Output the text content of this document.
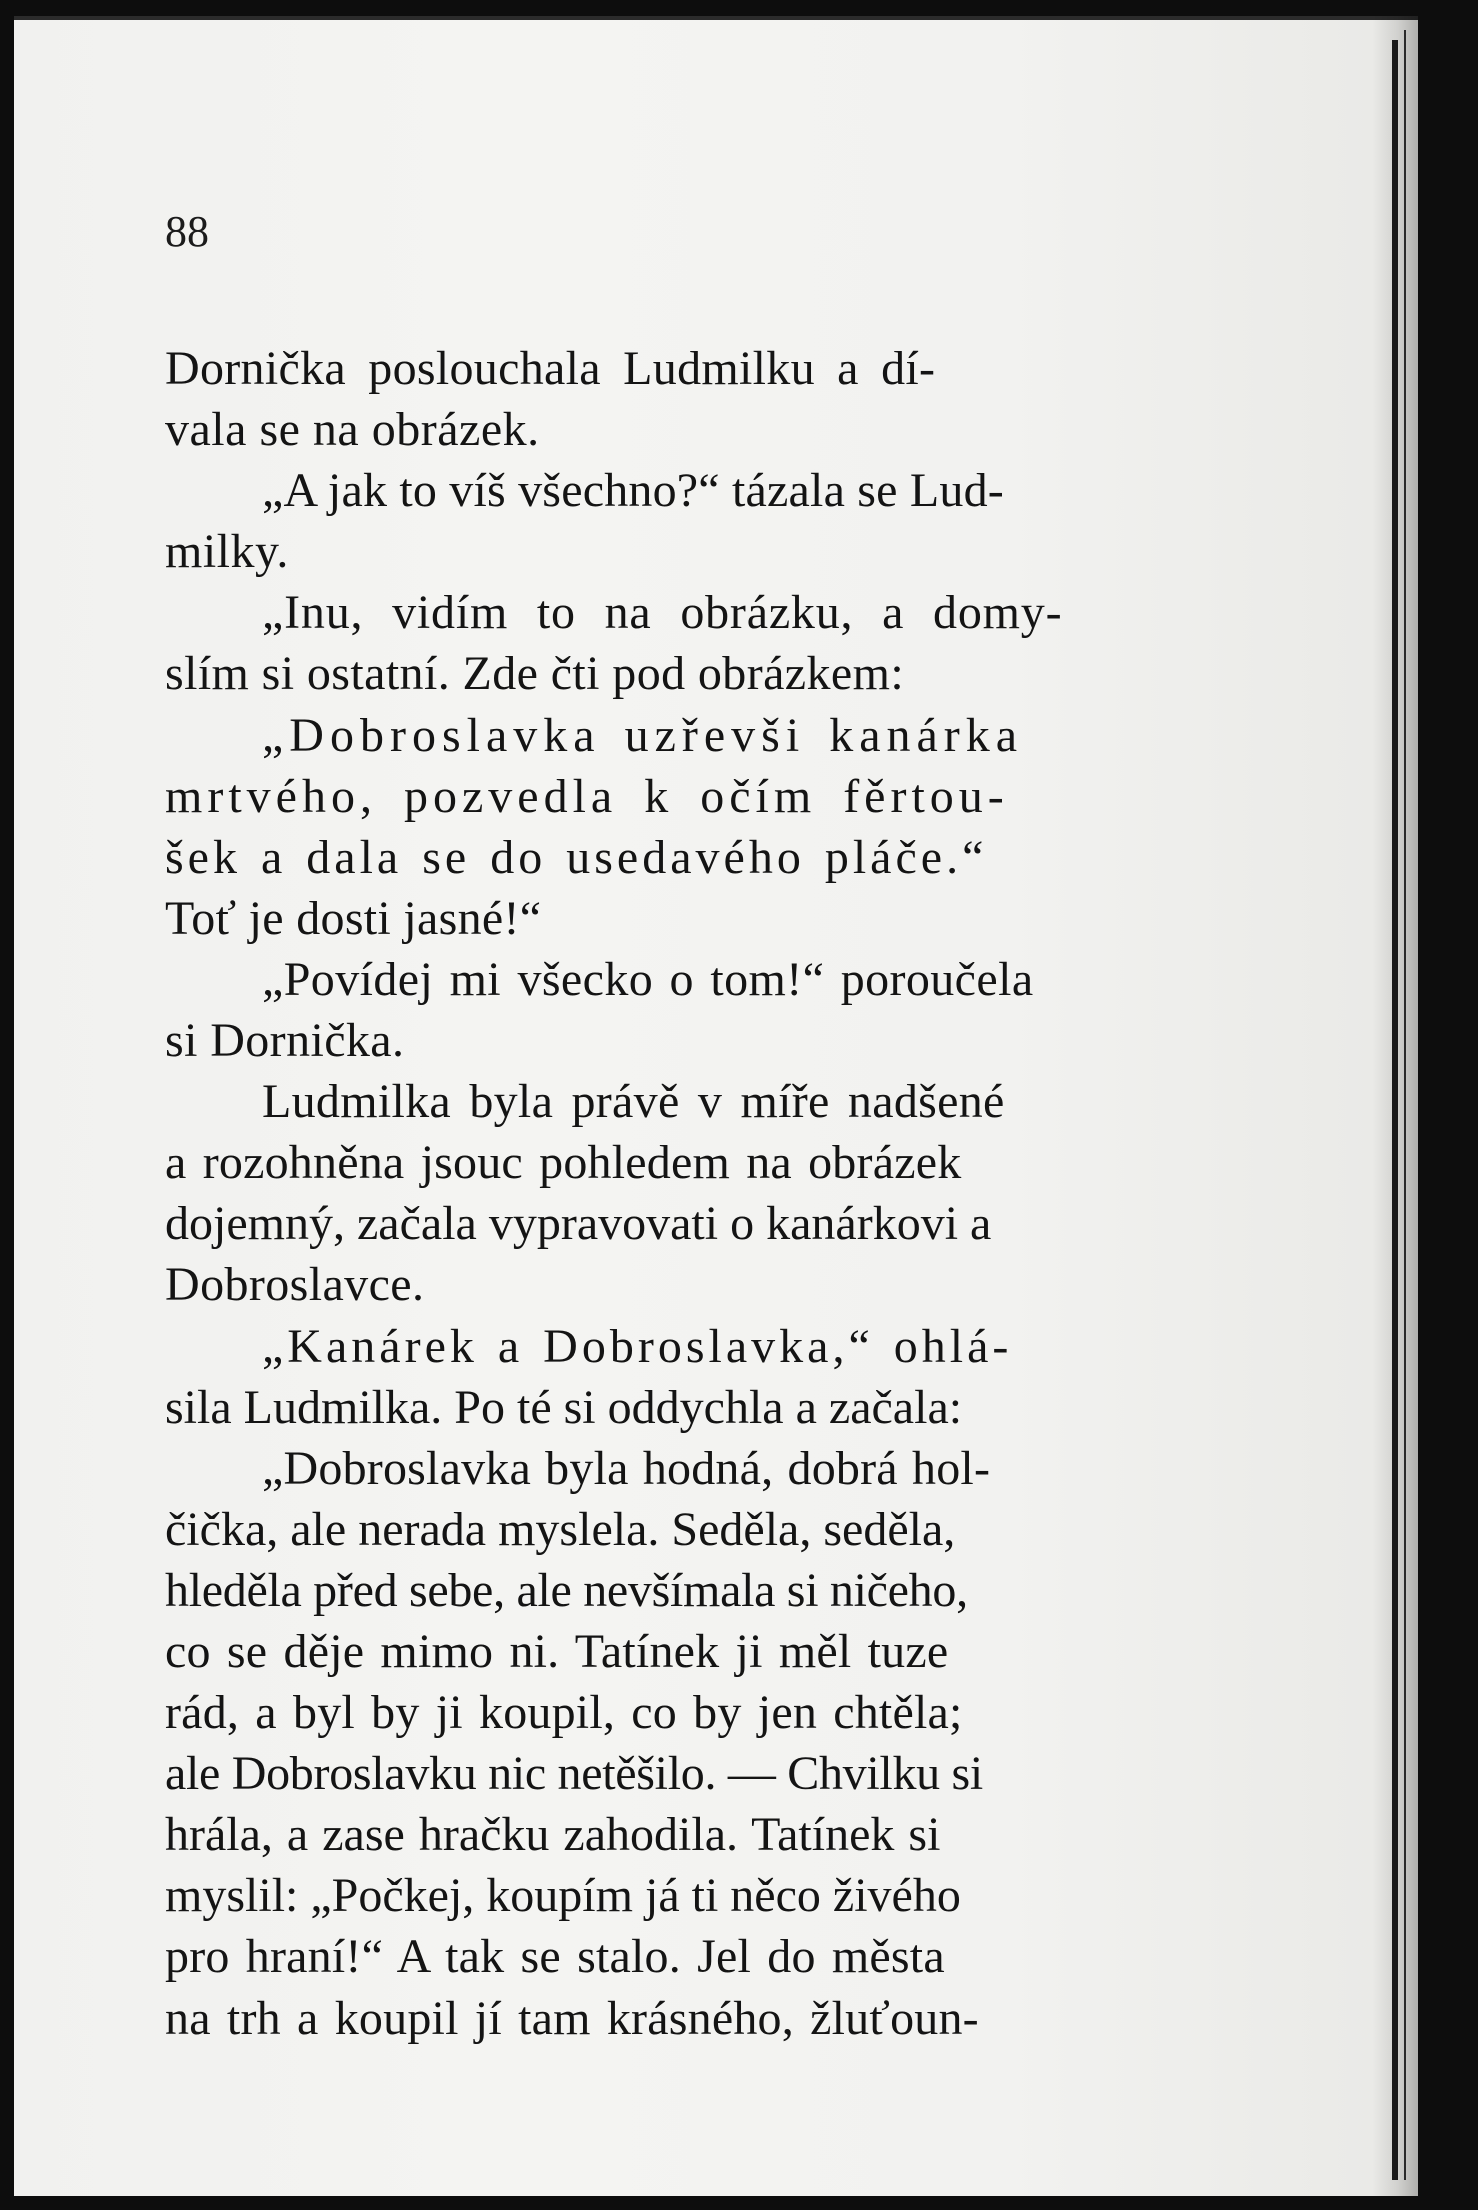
88
Dornička poslouchala Ludmilku a dí-
vala se na obrázek.
„A jak to víš všechno?“ tázala se Lud-
milky.
„Inu, vidím to na obrázku, a domy-
slím si ostatní. Zde čti pod obrázkem:
„Dobroslavka uzřevši kanárka
mrtvého, pozvedla k očím fěrtou-
šek a dala se do usedavého pláče.“
Toť je dosti jasné!“
„Povídej mi všecko o tom!“ poroučela
si Dornička.
Ludmilka byla právě v míře nadšené
a rozohněna jsouc pohledem na obrázek
dojemný, začala vypravovati o kanárkovi a
Dobroslavce.
„Kanárek a Dobroslavka,“ ohlá-
sila Ludmilka. Po té si oddychla a začala:
„Dobroslavka byla hodná, dobrá hol-
čička, ale nerada myslela. Seděla, seděla,
hleděla před sebe, ale nevšímala si ničeho,
co se děje mimo ni. Tatínek ji měl tuze
rád, a byl by ji koupil, co by jen chtěla;
ale Dobroslavku nic netěšilo. — Chvilku si
hrála, a zase hračku zahodila. Tatínek si
myslil: „Počkej, koupím já ti něco živého
pro hraní!“ A tak se stalo. Jel do města
na trh a koupil jí tam krásného, žluťoun-
